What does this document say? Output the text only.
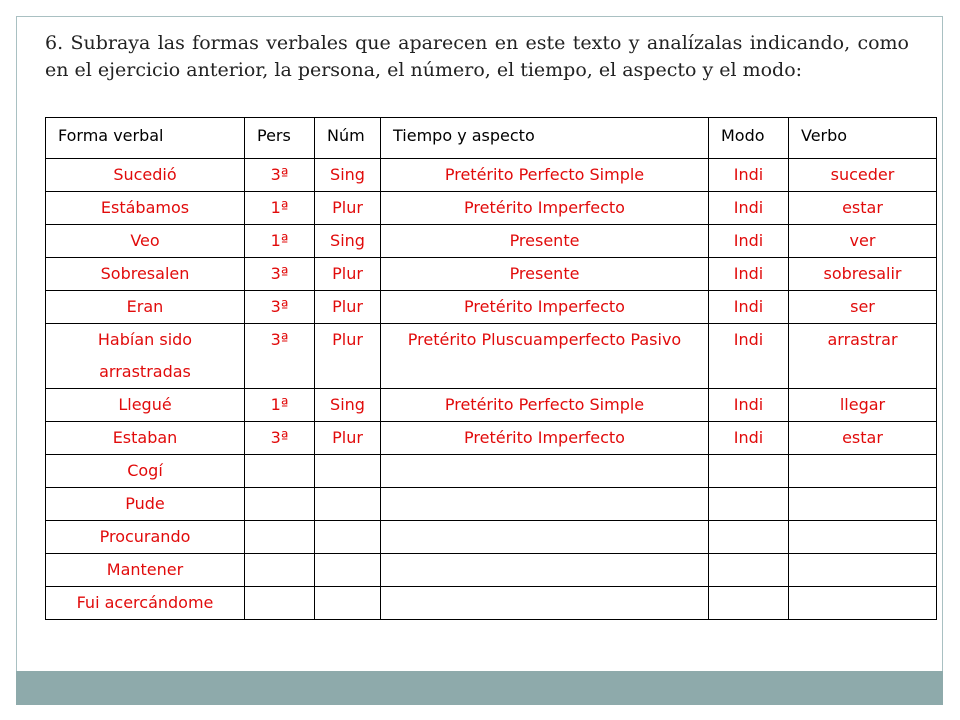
6. Subraya las formas verbales que aparecen en este texto y analízalas indicando, como en el ejercicio anterior, la persona, el número, el tiempo, el aspecto y el modo:

Forma verbal	Pers	Núm	Tiempo y aspecto	Modo	Verbo
Sucedió	3ª	Sing	Pretérito Perfecto Simple	Indi	suceder
Estábamos	1ª	Plur	Pretérito Imperfecto	Indi	estar
Veo	1ª	Sing	Presente	Indi	ver
Sobresalen	3ª	Plur	Presente	Indi	sobresalir
Eran	3ª	Plur	Pretérito Imperfecto	Indi	ser
Habían sido arrastradas	3ª	Plur	Pretérito Pluscuamperfecto Pasivo	Indi	arrastrar
Llegué	1ª	Sing	Pretérito Perfecto Simple	Indi	llegar
Estaban	3ª	Plur	Pretérito Imperfecto	Indi	estar
Cogí					
Pude					
Procurando					
Mantener					
Fui acercándome					
